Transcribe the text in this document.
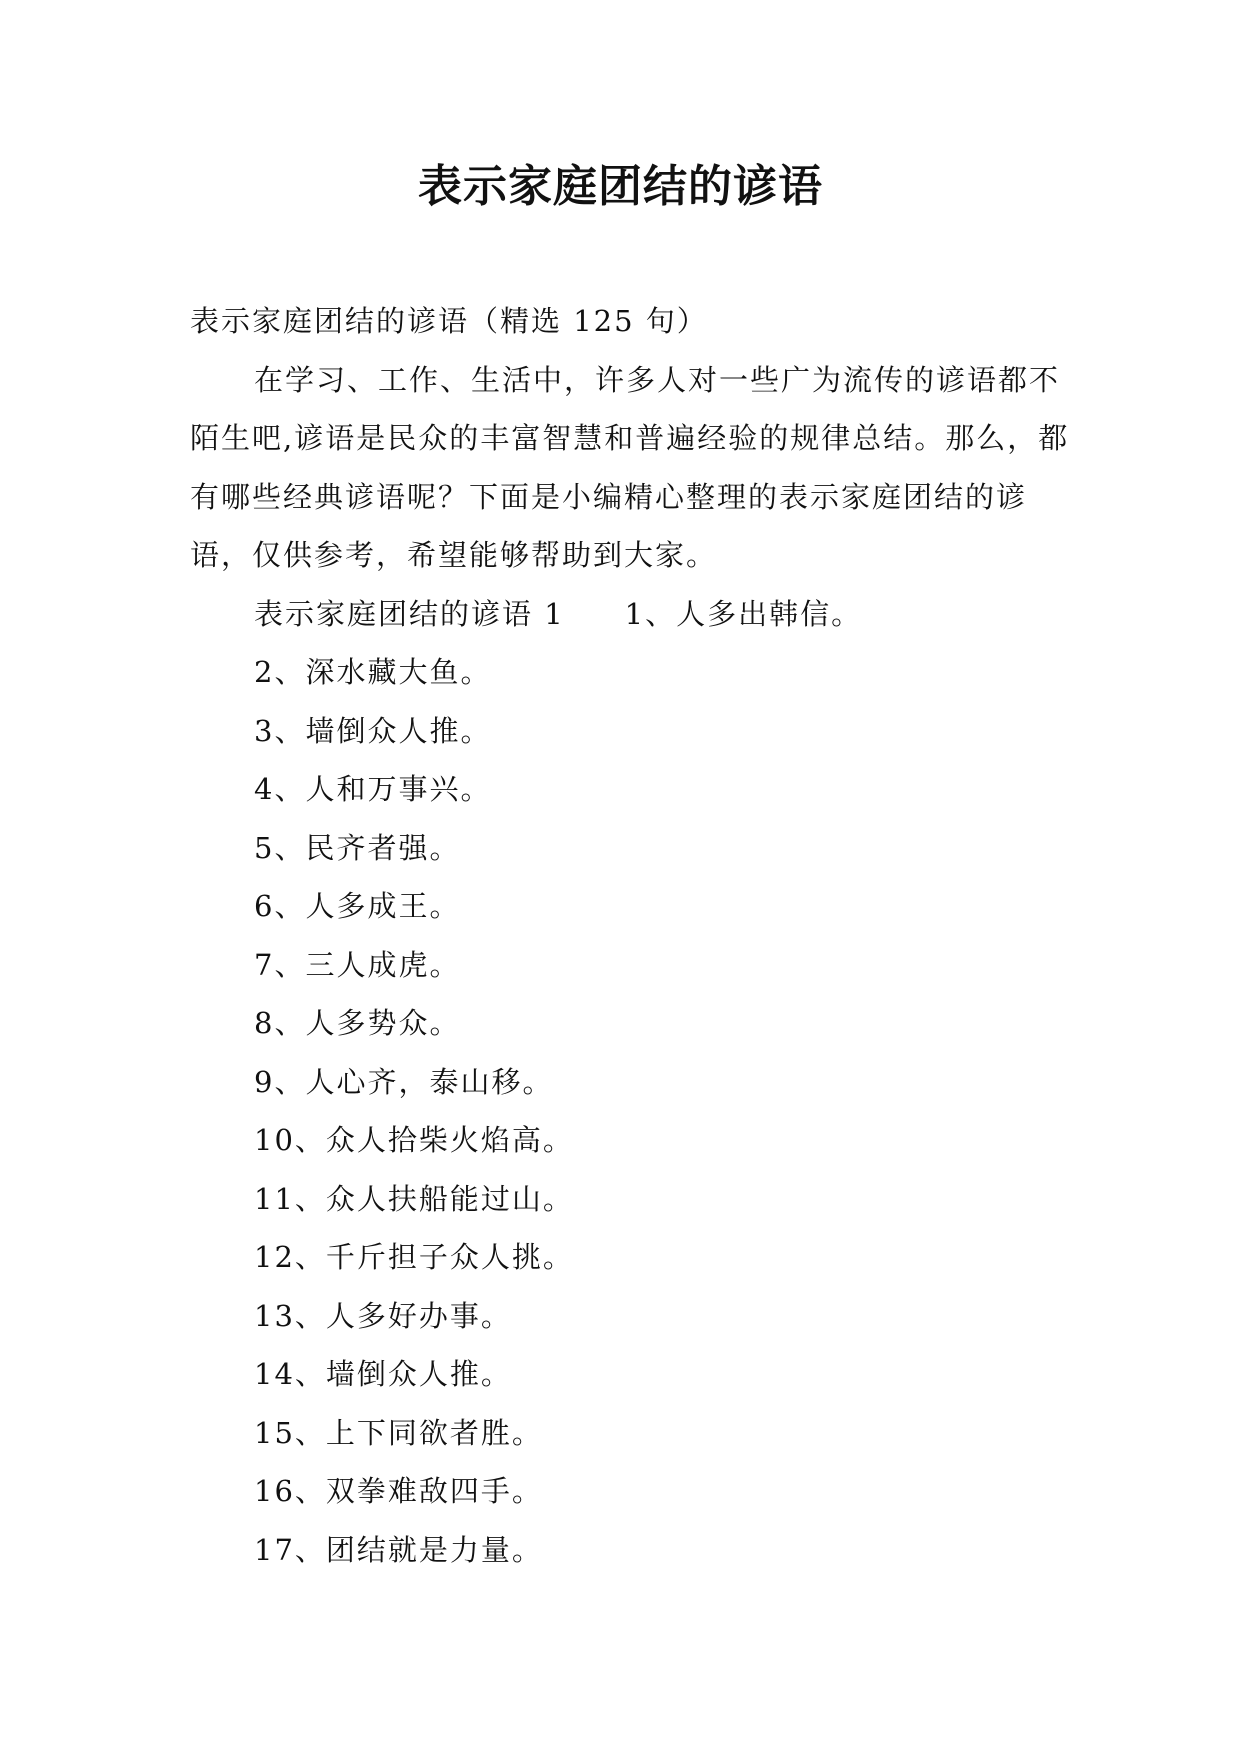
表示家庭团结的谚语

表示家庭团结的谚语（精选 125 句）

在学习、工作、生活中，许多人对一些广为流传的谚语都不陌生吧,谚语是民众的丰富智慧和普遍经验的规律总结。那么，都有哪些经典谚语呢？下面是小编精心整理的表示家庭团结的谚语，仅供参考，希望能够帮助到大家。

表示家庭团结的谚语 1 1、人多出韩信。

2、深水藏大鱼。

3、墙倒众人推。

4、人和万事兴。

5、民齐者强。

6、人多成王。

7、三人成虎。

8、人多势众。

9、人心齐，泰山移。

10、众人拾柴火焰高。

11、众人扶船能过山。

12、千斤担子众人挑。

13、人多好办事。

14、墙倒众人推。

15、上下同欲者胜。

16、双拳难敌四手。

17、团结就是力量。
